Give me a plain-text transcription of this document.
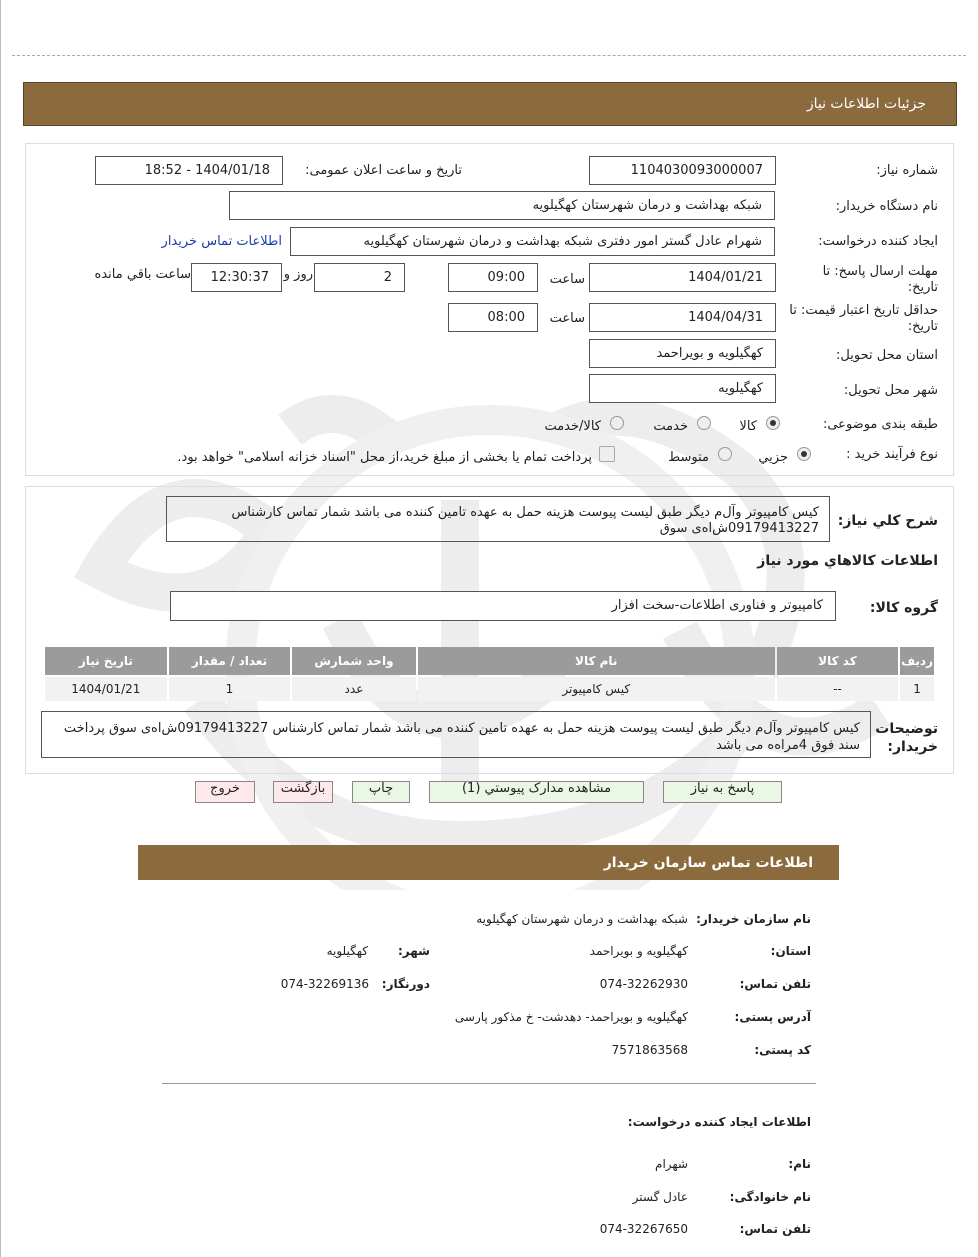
جزئیات اطلاعات نیاز
شماره نیاز:
1104030093000007
تاریخ و ساعت اعلان عمومی:
1404/01/18 - 18:52
نام دستگاه خریدار:
شبکه بهداشت و درمان شهرستان کهگیلویه
ایجاد کننده درخواست:
شهرام عادل گستر امور دفتری شبکه بهداشت و درمان شهرستان کهگیلویه
اطلاعات تماس خریدار
مهلت ارسال پاسخ: تا تاریخ:
1404/01/21
ساعت
09:00
2
روز و
12:30:37
ساعت باقي مانده
حداقل تاریخ اعتبار قیمت: تا تاریخ:
1404/04/31
ساعت
08:00
استان محل تحویل:
کهگیلویه و بویراحمد
شهر محل تحویل:
کهگیلویه
طبقه بندی موضوعی:
کالا
خدمت
کالا/خدمت
نوع فرآیند خرید :
جزیي
متوسط
پرداخت تمام یا بخشی از مبلغ خرید،از محل "اسناد خزانه اسلامی" خواهد بود.
شرح کلي نياز:
کیس کامپیوتر وآل‌م دیگر طبق لیست پیوست هزینه حمل به عهده تامین کننده می باشد شمار تماس کارشناس 09179413227ش‌اه‌ی سوق
اطلاعات کالاهاي مورد نياز
گروه کالا:
کامپیوتر و فناوری اطلاعات-سخت افزار
رديف	کد کالا	نام کالا	واحد شمارش	تعداد / مقدار	تاریخ نیاز
1	--	کیس کامپیوتر	عدد	1	1404/01/21
توضیحات خریدار:
کیس کامپیوتر وآل‌م دیگر طبق لیست پیوست هزینه حمل به عهده تامین کننده می باشد شمار تماس کارشناس 09179413227ش‌اه‌ی سوق پرداخت سند فوق 4مراه‌ه می باشد
پاسخ به نیاز
مشاهده مدارک پیوستي (1)
چاپ
بازگشت
خروج
اطلاعات تماس سازمان خریدار
نام سازمان خریدار:
شبکه بهداشت و درمان شهرستان کهگیلویه
استان:
کهگیلویه و بویراحمد
شهر:
کهگیلویه
تلفن تماس:
074-32262930
دورنگار:
074-32269136
آدرس پستی:
کهگیلویه و بویراحمد- دهدشت- خ مذکور پارسی
کد پستی:
7571863568
اطلاعات ایجاد کننده درخواست:
نام:
شهرام
نام خانوادگی:
عادل گستر
تلفن تماس:
074-32267650
